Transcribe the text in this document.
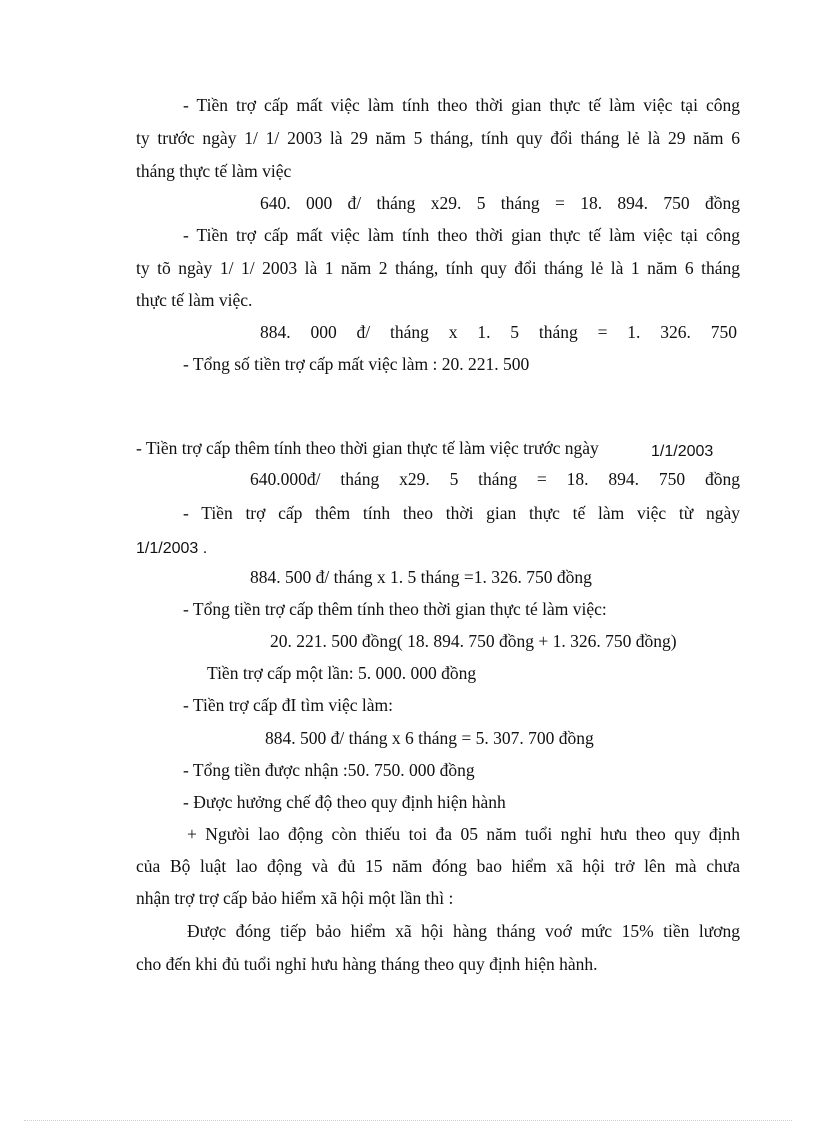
- Tiền trợ cấp mất việc làm tính theo thời gian thực tế làm việc tại công
ty trước ngày 1/ 1/ 2003 là 29 năm 5 tháng, tính quy đổi tháng lẻ là 29 năm 6
tháng thực tế làm việc
640. 000 đ/ tháng x29. 5 tháng = 18. 894. 750 đồng
- Tiền trợ cấp mất việc làm tính theo thời gian thực tế làm việc tại công
ty tõ ngày 1/ 1/ 2003 là 1 năm 2 tháng, tính quy đổi tháng lẻ là 1 năm 6 tháng
thực tế làm việc.
884. 000 đ/ tháng x 1. 5 tháng = 1. 326. 750
- Tổng số tiền trợ cấp mất việc làm : 20. 221. 500
- Tiền trợ cấp thêm tính theo thời gian thực tế làm việc trước ngày	1/1/2003
640.000đ/ tháng x29. 5 tháng = 18. 894. 750 đồng
- Tiền trợ cấp thêm tính theo thời gian thực tế làm việc từ ngày
1/1/2003 .
884. 500 đ/ tháng x 1. 5 tháng =1. 326. 750 đồng
- Tổng tiền trợ cấp thêm tính theo thời gian thực té làm việc:
20. 221. 500 đồng( 18. 894. 750 đồng + 1. 326. 750 đồng)
Tiền trợ cấp một lần: 5. 000. 000 đồng
- Tiền trợ cấp đI tìm việc làm:
884. 500 đ/ tháng x 6 tháng = 5. 307. 700 đồng
- Tổng tiền được nhận :50. 750. 000 đồng
- Được hưởng chế độ theo quy định hiện hành
+ Ngưòi lao động còn thiếu toi đa 05 năm tuổi nghỉ hưu theo quy định
của Bộ luật lao động và đủ 15 năm đóng bao hiểm xã hội trở lên mà chưa
nhận trợ trợ cấp bảo hiểm xã hội một lần thì :
Được đóng tiếp bảo hiểm xã hội hàng tháng voớ mức 15% tiền lương
cho đến khi đủ tuổi nghỉ hưu hàng tháng theo quy định hiện hành.
